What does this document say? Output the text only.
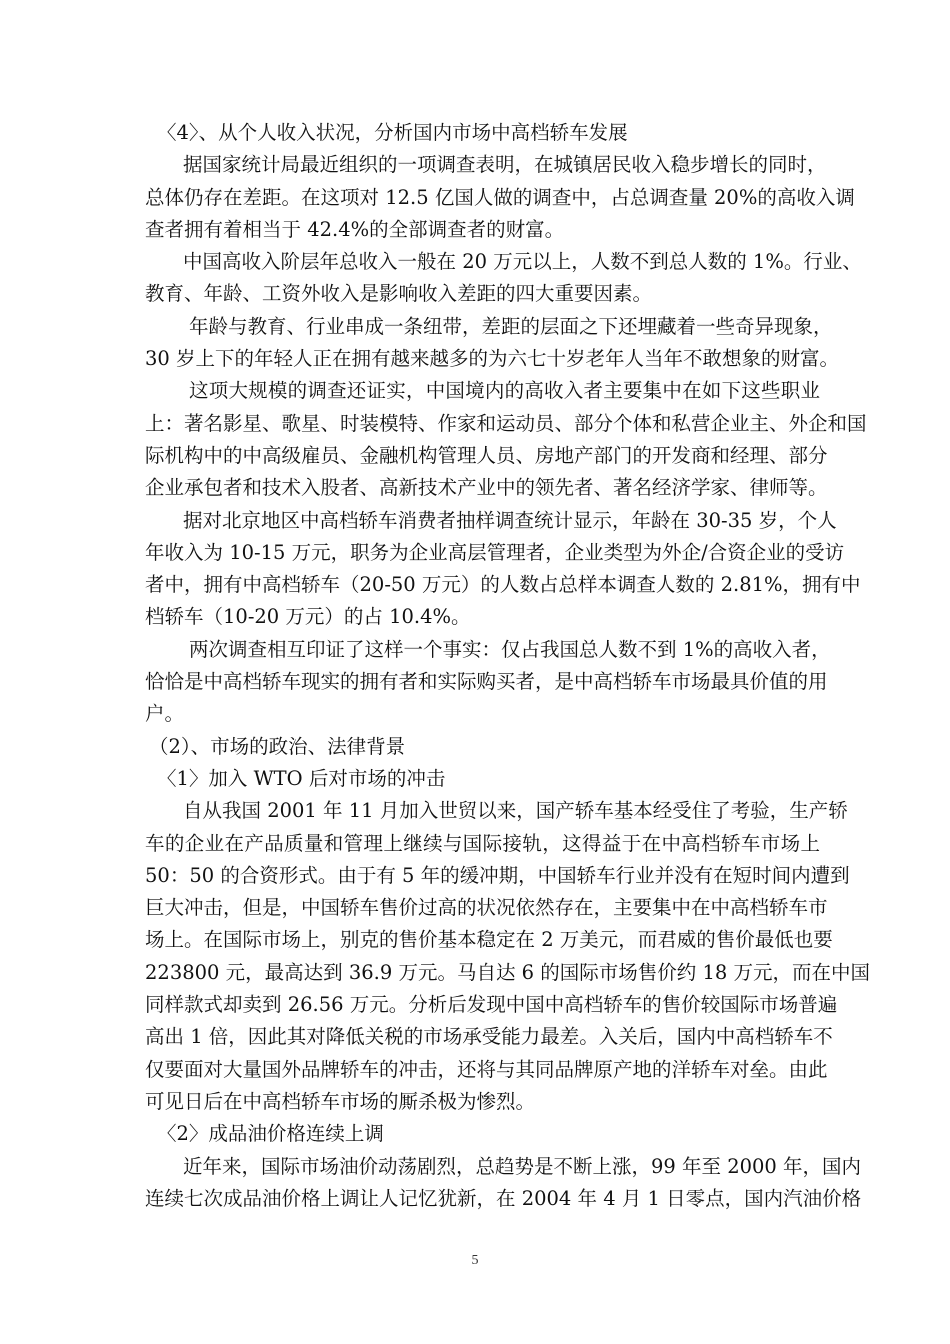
〈4〉、从个人收入状况，分析国内市场中高档轿车发展
据国家统计局最近组织的一项调查表明，在城镇居民收入稳步增长的同时，
总体仍存在差距。在这项对 12.5 亿国人做的调查中，占总调查量 20%的高收入调
查者拥有着相当于 42.4%的全部调查者的财富。
中国高收入阶层年总收入一般在 20 万元以上，人数不到总人数的 1%。行业、
教育、年龄、工资外收入是影响收入差距的四大重要因素。
年龄与教育、行业串成一条纽带，差距的层面之下还埋藏着一些奇异现象，
30 岁上下的年轻人正在拥有越来越多的为六七十岁老年人当年不敢想象的财富。
这项大规模的调查还证实，中国境内的高收入者主要集中在如下这些职业
上：著名影星、歌星、时装模特、作家和运动员、部分个体和私营企业主、外企和国
际机构中的中高级雇员、金融机构管理人员、房地产部门的开发商和经理、部分
企业承包者和技术入股者、高新技术产业中的领先者、著名经济学家、律师等。
据对北京地区中高档轿车消费者抽样调查统计显示，年龄在 30-35 岁，个人
年收入为 10-15 万元，职务为企业高层管理者，企业类型为外企/合资企业的受访
者中，拥有中高档轿车（20-50 万元）的人数占总样本调查人数的 2.81%，拥有中
档轿车（10-20 万元）的占 10.4%。
两次调查相互印证了这样一个事实：仅占我国总人数不到 1%的高收入者，
恰恰是中高档轿车现实的拥有者和实际购买者，是中高档轿车市场最具价值的用
户。
（2）、市场的政治、法律背景
〈1〉加入 WTO 后对市场的冲击
自从我国 2001 年 11 月加入世贸以来，国产轿车基本经受住了考验，生产轿
车的企业在产品质量和管理上继续与国际接轨，这得益于在中高档轿车市场上
50：50 的合资形式。由于有 5 年的缓冲期，中国轿车行业并没有在短时间内遭到
巨大冲击，但是，中国轿车售价过高的状况依然存在，主要集中在中高档轿车市
场上。在国际市场上，别克的售价基本稳定在 2 万美元，而君威的售价最低也要
223800 元，最高达到 36.9 万元。马自达 6 的国际市场售价约 18 万元，而在中国
同样款式却卖到 26.56 万元。分析后发现中国中高档轿车的售价较国际市场普遍
高出 1 倍，因此其对降低关税的市场承受能力最差。入关后，国内中高档轿车不
仅要面对大量国外品牌轿车的冲击，还将与其同品牌原产地的洋轿车对垒。由此
可见日后在中高档轿车市场的厮杀极为惨烈。
〈2〉成品油价格连续上调
近年来，国际市场油价动荡剧烈，总趋势是不断上涨，99 年至 2000 年，国内
连续七次成品油价格上调让人记忆犹新，在 2004 年 4 月 1 日零点，国内汽油价格
5
